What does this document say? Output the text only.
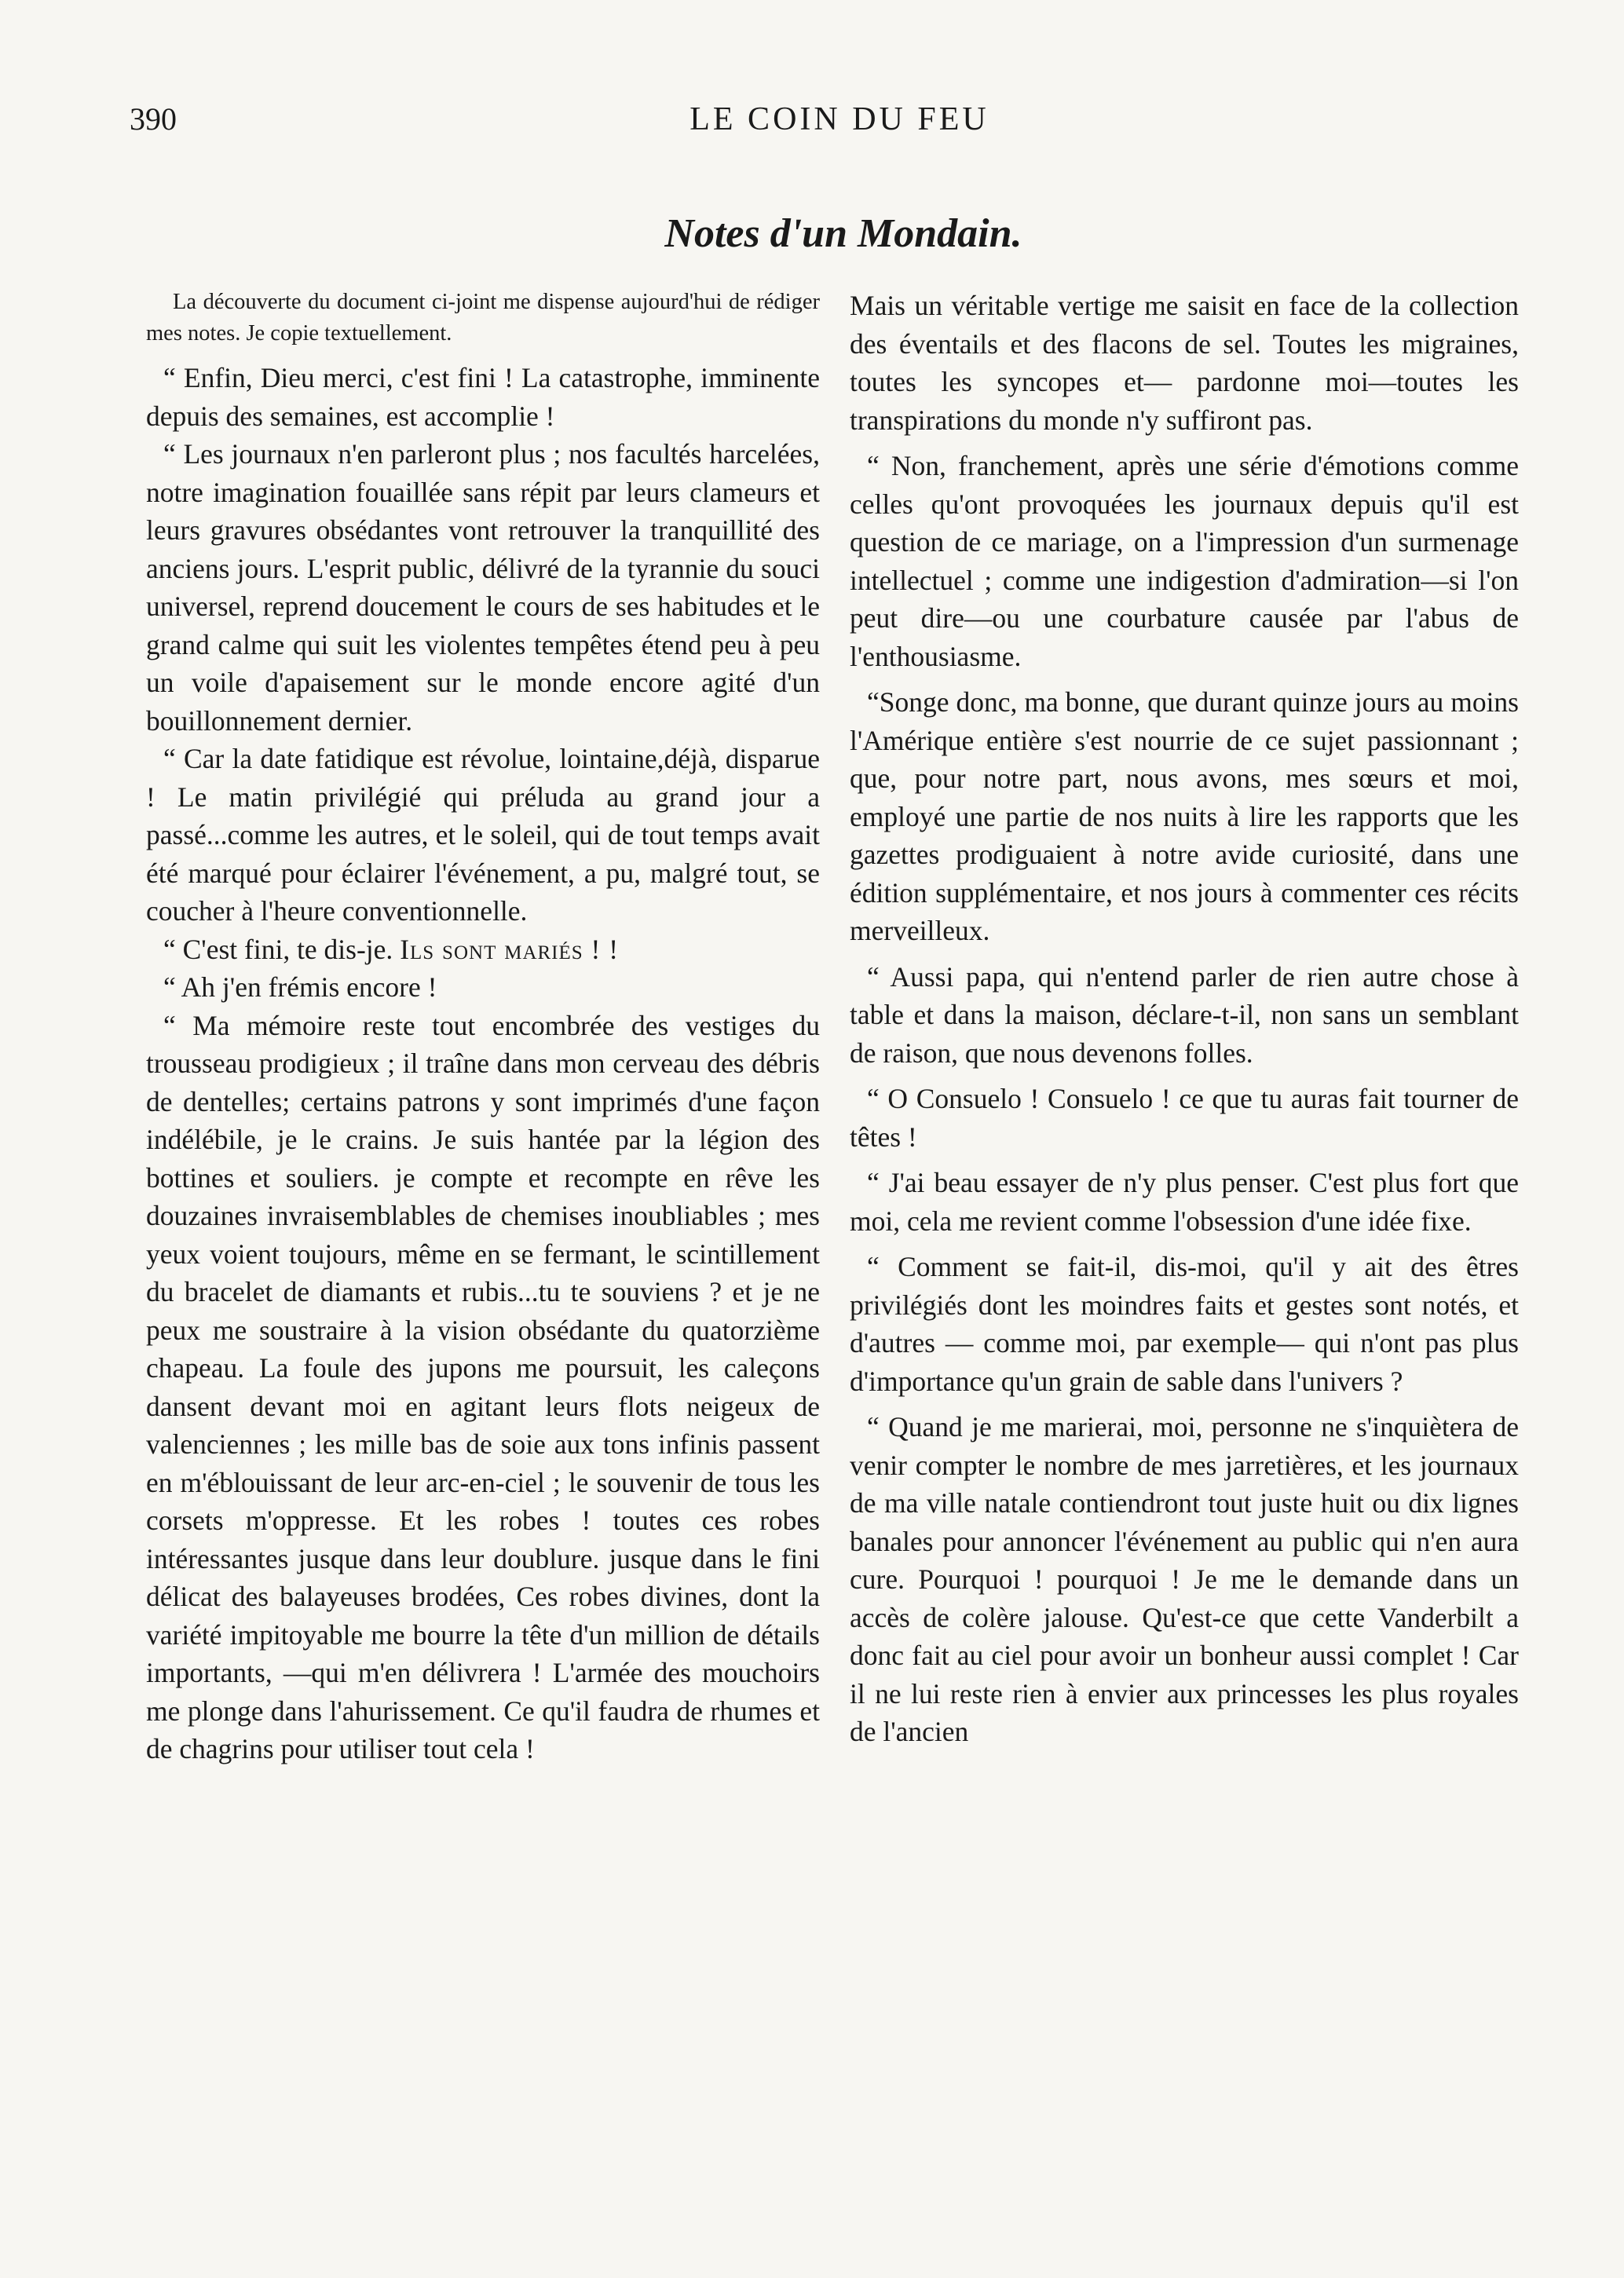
390	LE COIN DU FEU
Notes d'un Mondain.

La découverte du document ci-joint me dispense aujourd'hui de rédiger mes notes. Je copie textuellement.

“ Enfin, Dieu merci, c'est fini ! La catastrophe, imminente depuis des semaines, est accomplie !

“ Les journaux n'en parleront plus ; nos facultés harcelées, notre imagination fouaillée sans répit par leurs clameurs et leurs gravures obsédantes vont retrouver la tranquillité des anciens jours. L'esprit public, délivré de la tyrannie du souci universel, reprend doucement le cours de ses habitudes et le grand calme qui suit les violentes tempêtes étend peu à peu un voile d'apaisement sur le monde encore agité d'un bouillonnement dernier.

“ Car la date fatidique est révolue, lointaine,déjà, disparue ! Le matin privilégié qui préluda au grand jour a passé...comme les autres, et le soleil, qui de tout temps avait été marqué pour éclairer l'événement, a pu, malgré tout, se coucher à l'heure conventionnelle.

“ C'est fini, te dis-je. Ils sont mariés ! !

“ Ah j'en frémis encore !

“ Ma mémoire reste tout encombrée des vestiges du trousseau prodigieux ; il traîne dans mon cerveau des débris de dentelles; certains patrons y sont imprimés d'une façon indélébile, je le crains. Je suis hantée par la légion des bottines et souliers. je compte et recompte en rêve les douzaines invraisemblables de chemises inoubliables ; mes yeux voient toujours, même en se fermant, le scintillement du bracelet de diamants et rubis...tu te souviens ? et je ne peux me soustraire à la vision obsédante du quatorzième chapeau. La foule des jupons me poursuit, les caleçons dansent devant moi en agitant leurs flots neigeux de valenciennes ; les mille bas de soie aux tons infinis passent en m'éblouissant de leur arc-en-ciel ; le souvenir de tous les corsets m'oppresse. Et les robes ! toutes ces robes intéressantes jusque dans leur doublure. jusque dans le fini délicat des balayeuses brodées, Ces robes divines, dont la variété impitoyable me bourre la tête d'un million de détails importants, —qui m'en délivrera ! L'armée des mouchoirs me plonge dans l'ahurissement. Ce qu'il faudra de rhumes et de chagrins pour utiliser tout cela !

Mais un véritable vertige me saisit en face de la collection des éventails et des flacons de sel. Toutes les migraines, toutes les syncopes et— pardonne moi—toutes les transpirations du monde n'y suffiront pas.

“ Non, franchement, après une série d'émotions comme celles qu'ont provoquées les journaux depuis qu'il est question de ce mariage, on a l'impression d'un surmenage intellectuel ; comme une indigestion d'admiration—si l'on peut dire—ou une courbature causée par l'abus de l'enthousiasme.

“Songe donc, ma bonne, que durant quinze jours au moins l'Amérique entière s'est nourrie de ce sujet passionnant ; que, pour notre part, nous avons, mes sœurs et moi, employé une partie de nos nuits à lire les rapports que les gazettes prodiguaient à notre avide curiosité, dans une édition supplémentaire, et nos jours à commenter ces récits merveilleux.

“ Aussi papa, qui n'entend parler de rien autre chose à table et dans la maison, déclare-t-il, non sans un semblant de raison, que nous devenons folles.

“ O Consuelo ! Consuelo ! ce que tu auras fait tourner de têtes !

“ J'ai beau essayer de n'y plus penser. C'est plus fort que moi, cela me revient comme l'obsession d'une idée fixe.

“ Comment se fait-il, dis-moi, qu'il y ait des êtres privilégiés dont les moindres faits et gestes sont notés, et d'autres — comme moi, par exemple— qui n'ont pas plus d'importance qu'un grain de sable dans l'univers ?

“ Quand je me marierai, moi, personne ne s'inquiètera de venir compter le nombre de mes jarretières, et les journaux de ma ville natale contiendront tout juste huit ou dix lignes banales pour annoncer l'événement au public qui n'en aura cure. Pourquoi ! pourquoi ! Je me le demande dans un accès de colère jalouse. Qu'est-ce que cette Vanderbilt a donc fait au ciel pour avoir un bonheur aussi complet ! Car il ne lui reste rien à envier aux princesses les plus royales de l'ancien
